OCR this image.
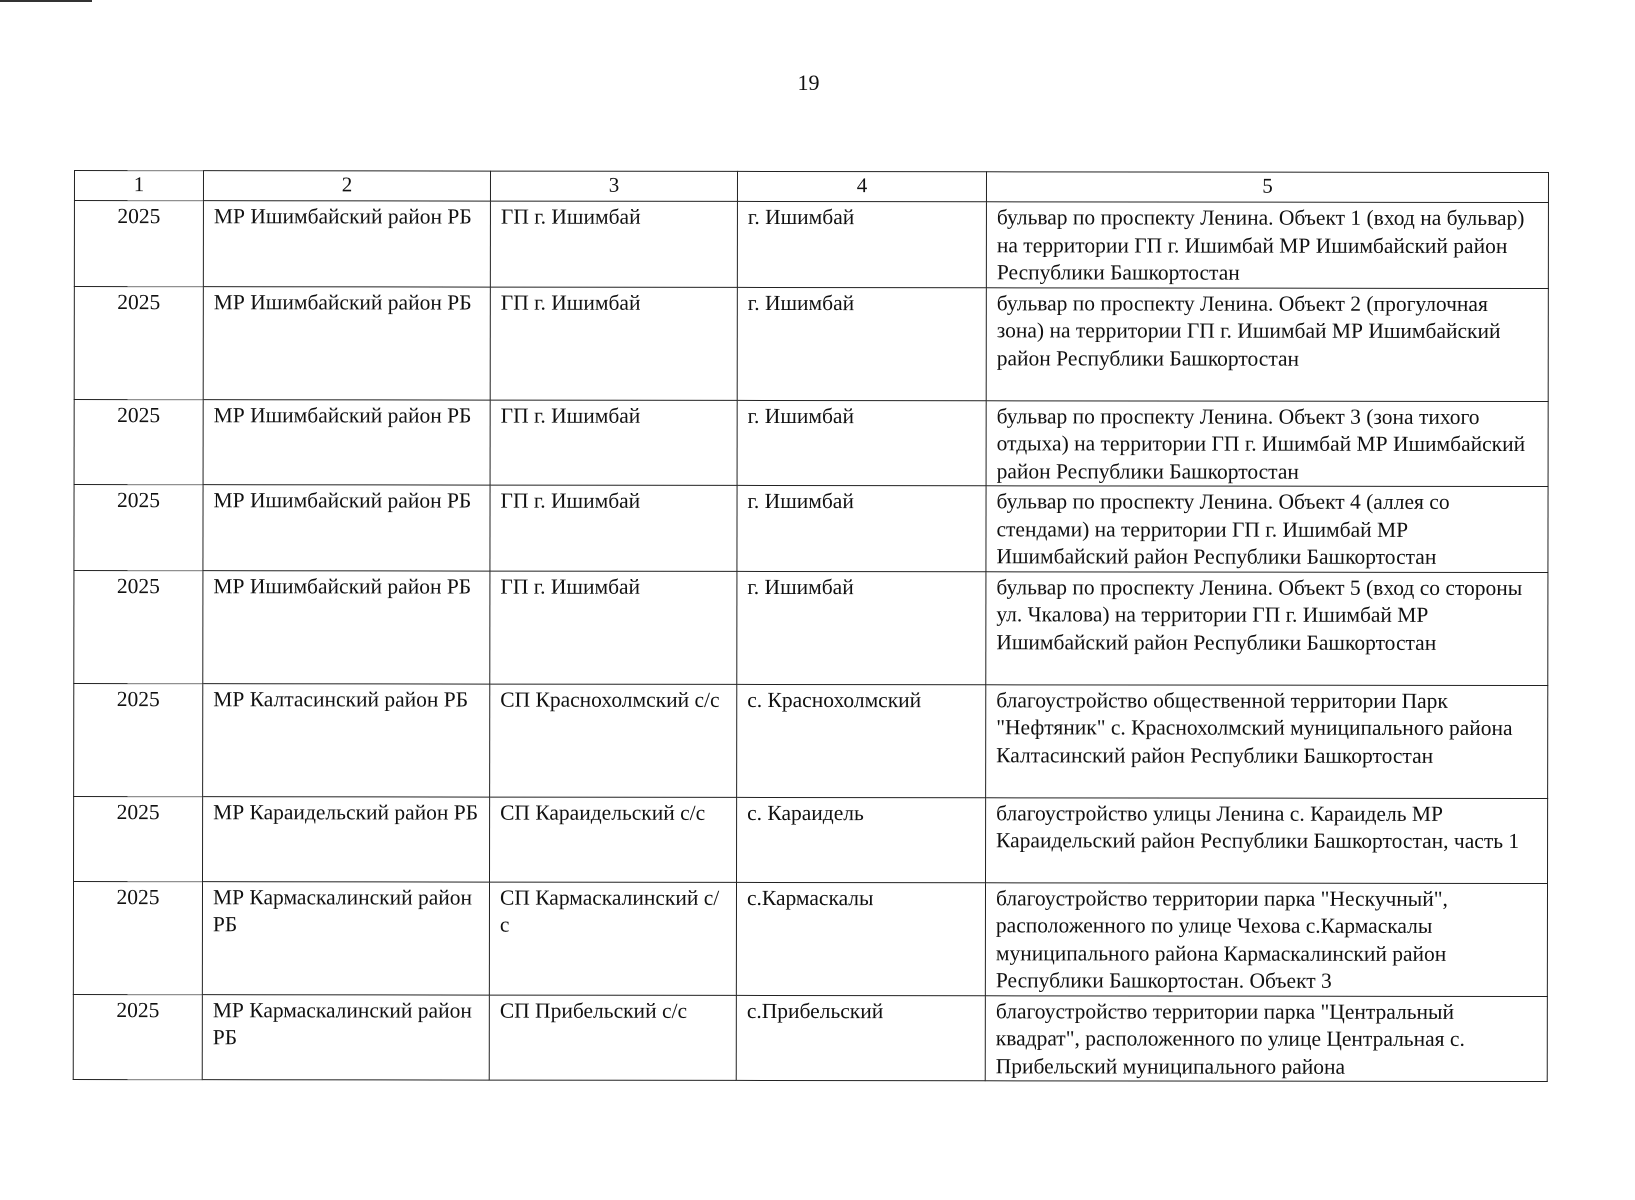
19
1	2	3	4	5
2025	МР Ишимбайский район РБ	ГП г. Ишимбай	г. Ишимбай	бульвар по проспекту Ленина. Объект 1 (вход на бульвар) на территории ГП г. Ишимбай МР Ишимбайский район Республики Башкортостан
2025	МР Ишимбайский район РБ	ГП г. Ишимбай	г. Ишимбай	бульвар по проспекту Ленина. Объект 2 (прогулочная зона) на территории ГП г. Ишимбай МР Ишимбайский район Республики Башкортостан
2025	МР Ишимбайский район РБ	ГП г. Ишимбай	г. Ишимбай	бульвар по проспекту Ленина. Объект 3 (зона тихого отдыха) на территории ГП г. Ишимбай МР Ишимбайский район Республики Башкортостан
2025	МР Ишимбайский район РБ	ГП г. Ишимбай	г. Ишимбай	бульвар по проспекту Ленина. Объект 4 (аллея со стендами) на территории ГП г. Ишимбай МР Ишимбайский район Республики Башкортостан
2025	МР Ишимбайский район РБ	ГП г. Ишимбай	г. Ишимбай	бульвар по проспекту Ленина. Объект 5 (вход со стороны ул. Чкалова) на территории ГП г. Ишимбай МР Ишимбайский район Республики Башкортостан
2025	МР Калтасинский район РБ	СП Краснохолмский с/с	с. Краснохолмский	благоустройство общественной территории Парк "Нефтяник" с. Краснохолмский муниципального района Калтасинский район Республики Башкортостан
2025	МР Караидельский район РБ	СП Караидельский с/с	с. Караидель	благоустройство улицы Ленина с. Караидель МР Караидельский район Республики Башкортостан, часть 1
2025	МР Кармаскалинский район РБ	СП Кармаскалинский с/с	с.Кармаскалы	благоустройство территории парка "Нескучный", расположенного по улице Чехова с.Кармаскалы муниципального района Кармаскалинский район Республики Башкортостан. Объект 3
2025	МР Кармаскалинский район РБ	СП Прибельский с/с	с.Прибельский	благоустройство территории парка "Центральный квадрат", расположенного по улице Центральная с. Прибельский муниципального района
